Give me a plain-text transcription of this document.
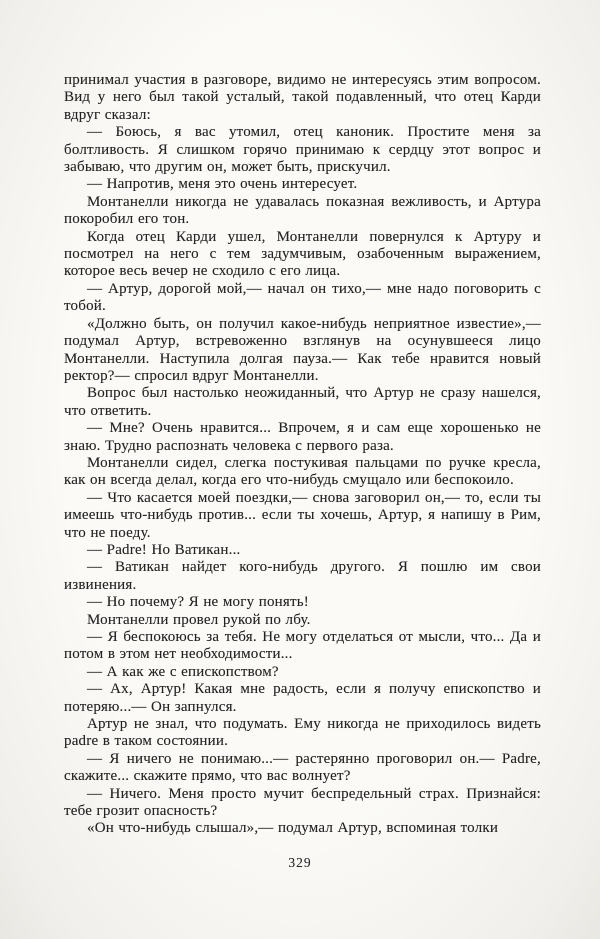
принимал участия в разговоре, видимо не интересуясь этим вопросом. Вид у него был такой усталый, такой подавленный, что отец Карди вдруг сказал:

— Боюсь, я вас утомил, отец каноник. Простите меня за болтливость. Я слишком горячо принимаю к сердцу этот вопрос и забываю, что другим он, может быть, прискучил.

— Напротив, меня это очень интересует.

Монтанелли никогда не удавалась показная вежливость, и Артура покоробил его тон.

Когда отец Карди ушел, Монтанелли повернулся к Артуру и посмотрел на него с тем задумчивым, озабоченным выражением, которое весь вечер не сходило с его лица.

— Артур, дорогой мой,— начал он тихо,— мне надо поговорить с тобой.

«Должно быть, он получил какое-нибудь неприятное известие»,— подумал Артур, встревоженно взглянув на осунувшееся лицо Монтанелли. Наступила долгая пауза.— Как тебе нравится новый ректор?— спросил вдруг Монтанелли.

Вопрос был настолько неожиданный, что Артур не сразу нашелся, что ответить.

— Мне? Очень нравится... Впрочем, я и сам еще хорошенько не знаю. Трудно распознать человека с первого раза.

Монтанелли сидел, слегка постукивая пальцами по ручке кресла, как он всегда делал, когда его что-нибудь смущало или беспокоило.

— Что касается моей поездки,— снова заговорил он,— то, если ты имеешь что-нибудь против... если ты хочешь, Артур, я напишу в Рим, что не поеду.

— Padre! Но Ватикан...

— Ватикан найдет кого-нибудь другого. Я пошлю им свои извинения.

— Но почему? Я не могу понять!

Монтанелли провел рукой по лбу.

— Я беспокоюсь за тебя. Не могу отделаться от мысли, что... Да и потом в этом нет необходимости...

— А как же с епископством?

— Ах, Артур! Какая мне радость, если я получу епископство и потеряю...— Он запнулся.

Артур не знал, что подумать. Ему никогда не приходилось видеть padre в таком состоянии.

— Я ничего не понимаю...— растерянно проговорил он.— Padre, скажите... скажите прямо, что вас волнует?

— Ничего. Меня просто мучит беспредельный страх. Признайся: тебе грозит опасность?

«Он что-нибудь слышал»,— подумал Артур, вспоминая толки

329
